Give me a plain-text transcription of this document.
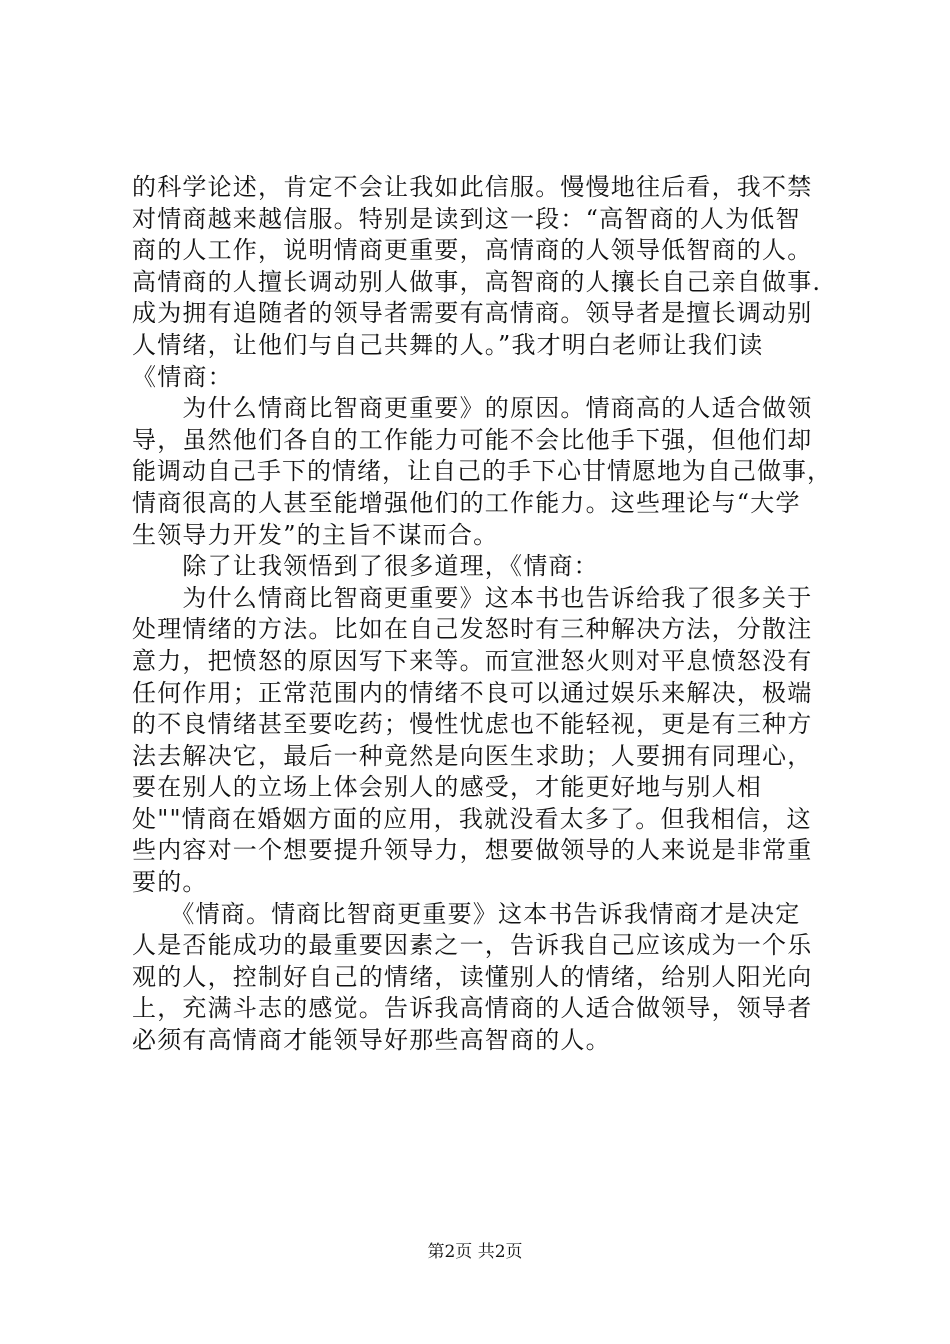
的科学论述，肯定不会让我如此信服。慢慢地往后看，我不禁
对情商越来越信服。特别是读到这一段：“高智商的人为低智
商的人工作，说明情商更重要，高情商的人领导低智商的人。
高情商的人擅长调动别人做事，高智商的人攘长自己亲自做事.
成为拥有追随者的领导者需要有高情商。领导者是擅长调动别
人情绪，让他们与自己共舞的人。”我才明白老师让我们读
《情商：
　　为什么情商比智商更重要》的原因。情商高的人适合做领
导，虽然他们各自的工作能力可能不会比他手下强，但他们却
能调动自己手下的情绪，让自己的手下心甘情愿地为自己做事，
情商很高的人甚至能增强他们的工作能力。这些理论与“大学
生领导力开发”的主旨不谋而合。
　　除了让我领悟到了很多道理，《情商：
　　为什么情商比智商更重要》这本书也告诉给我了很多关于
处理情绪的方法。比如在自己发怒时有三种解决方法，分散注
意力，把愤怒的原因写下来等。而宣泄怒火则对平息愤怒没有
任何作用；正常范围内的情绪不良可以通过娱乐来解决，极端
的不良情绪甚至要吃药；慢性忧虑也不能轻视，更是有三种方
法去解决它，最后一种竟然是向医生求助；人要拥有同理心，
要在别人的立场上体会别人的感受，才能更好地与别人相
处""情商在婚姻方面的应用，我就没看太多了。但我相信，这
些内容对一个想要提升领导力，想要做领导的人来说是非常重
要的。
　　《情商。情商比智商更重要》这本书告诉我情商才是决定
人是否能成功的最重要因素之一，告诉我自己应该成为一个乐
观的人，控制好自己的情绪，读懂别人的情绪，给别人阳光向
上，充满斗志的感觉。告诉我高情商的人适合做领导，领导者
必须有高情商才能领导好那些高智商的人。
第2页 共2页
